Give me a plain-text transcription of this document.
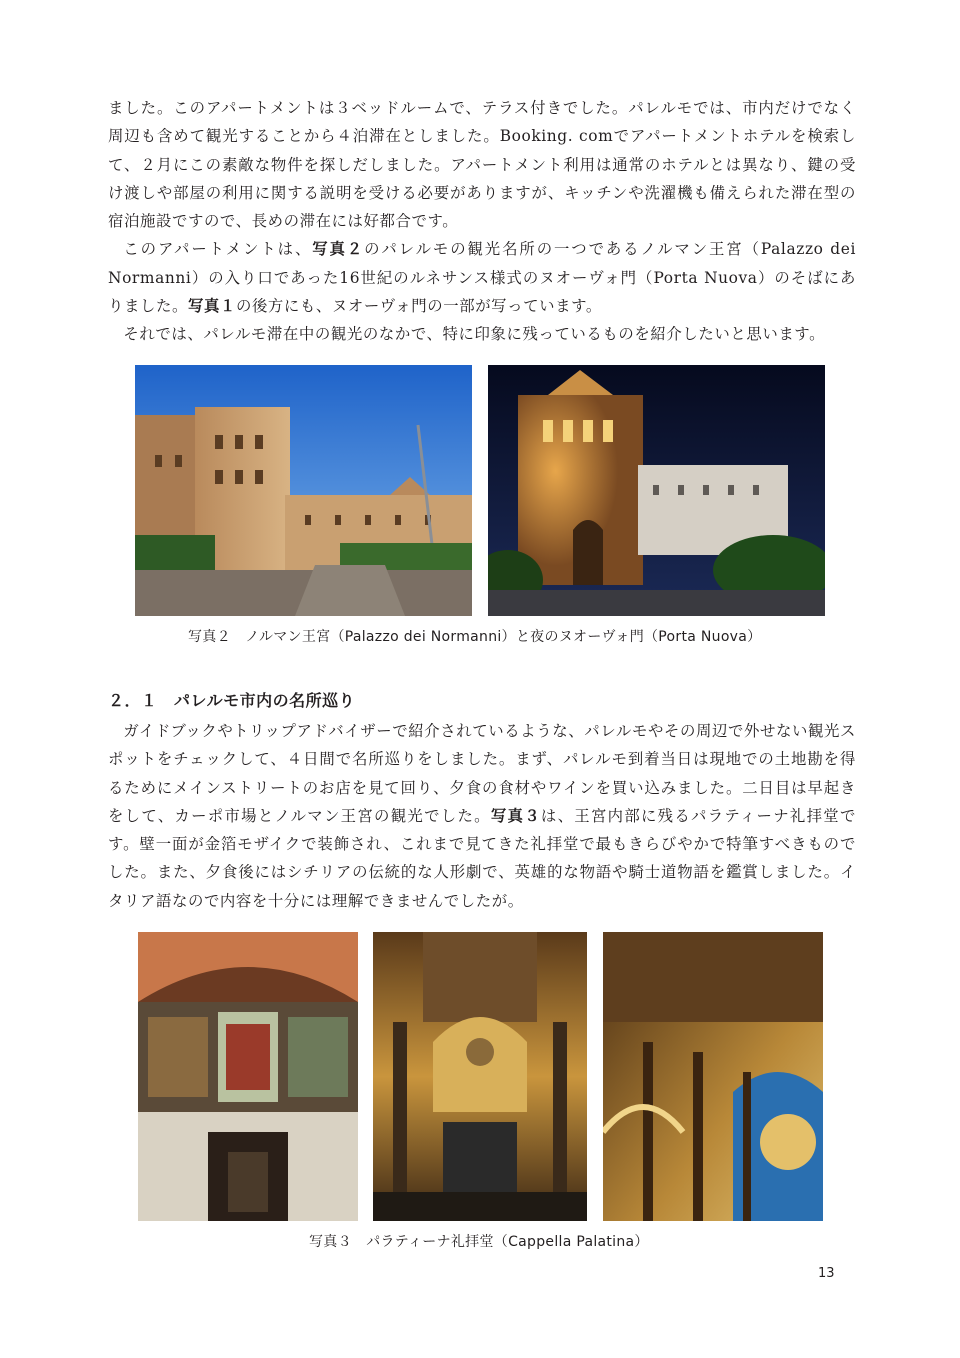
ました。このアパートメントは３ベッドルームで、テラス付きでした。パレルモでは、市内だけでなく周辺も含めて観光することから４泊滞在としました。Booking. comでアパートメントホテルを検索して、２月にこの素敵な物件を探しだしました。アパートメント利用は通常のホテルとは異なり、鍵の受け渡しや部屋の利用に関する説明を受ける必要がありますが、キッチンや洗濯機も備えられた滞在型の宿泊施設ですので、長めの滞在には好都合です。

このアパートメントは、写真２のパレルモの観光名所の一つであるノルマン王宮（Palazzo dei Normanni）の入り口であった16世紀のルネサンス様式のヌオーヴォ門（Porta Nuova）のそばにありました。写真１の後方にも、ヌオーヴォ門の一部が写っています。

それでは、パレルモ滞在中の観光のなかで、特に印象に残っているものを紹介したいと思います。

写真２　ノルマン王宮（Palazzo dei Normanni）と夜のヌオーヴォ門（Porta Nuova）
２．１　パレルモ市内の名所巡り

ガイドブックやトリップアドバイザーで紹介されているような、パレルモやその周辺で外せない観光スポットをチェックして、４日間で名所巡りをしました。まず、パレルモ到着当日は現地での土地勘を得るためにメインストリートのお店を見て回り、夕食の食材やワインを買い込みました。二日目は早起きをして、カーポ市場とノルマン王宮の観光でした。写真３は、王宮内部に残るパラティーナ礼拝堂です。壁一面が金箔モザイクで装飾され、これまで見てきた礼拝堂で最もきらびやかで特筆すべきものでした。また、夕食後にはシチリアの伝統的な人形劇で、英雄的な物語や騎士道物語を鑑賞しました。イタリア語なので内容を十分には理解できませんでしたが。

写真３　パラティーナ礼拝堂（Cappella Palatina）
13
